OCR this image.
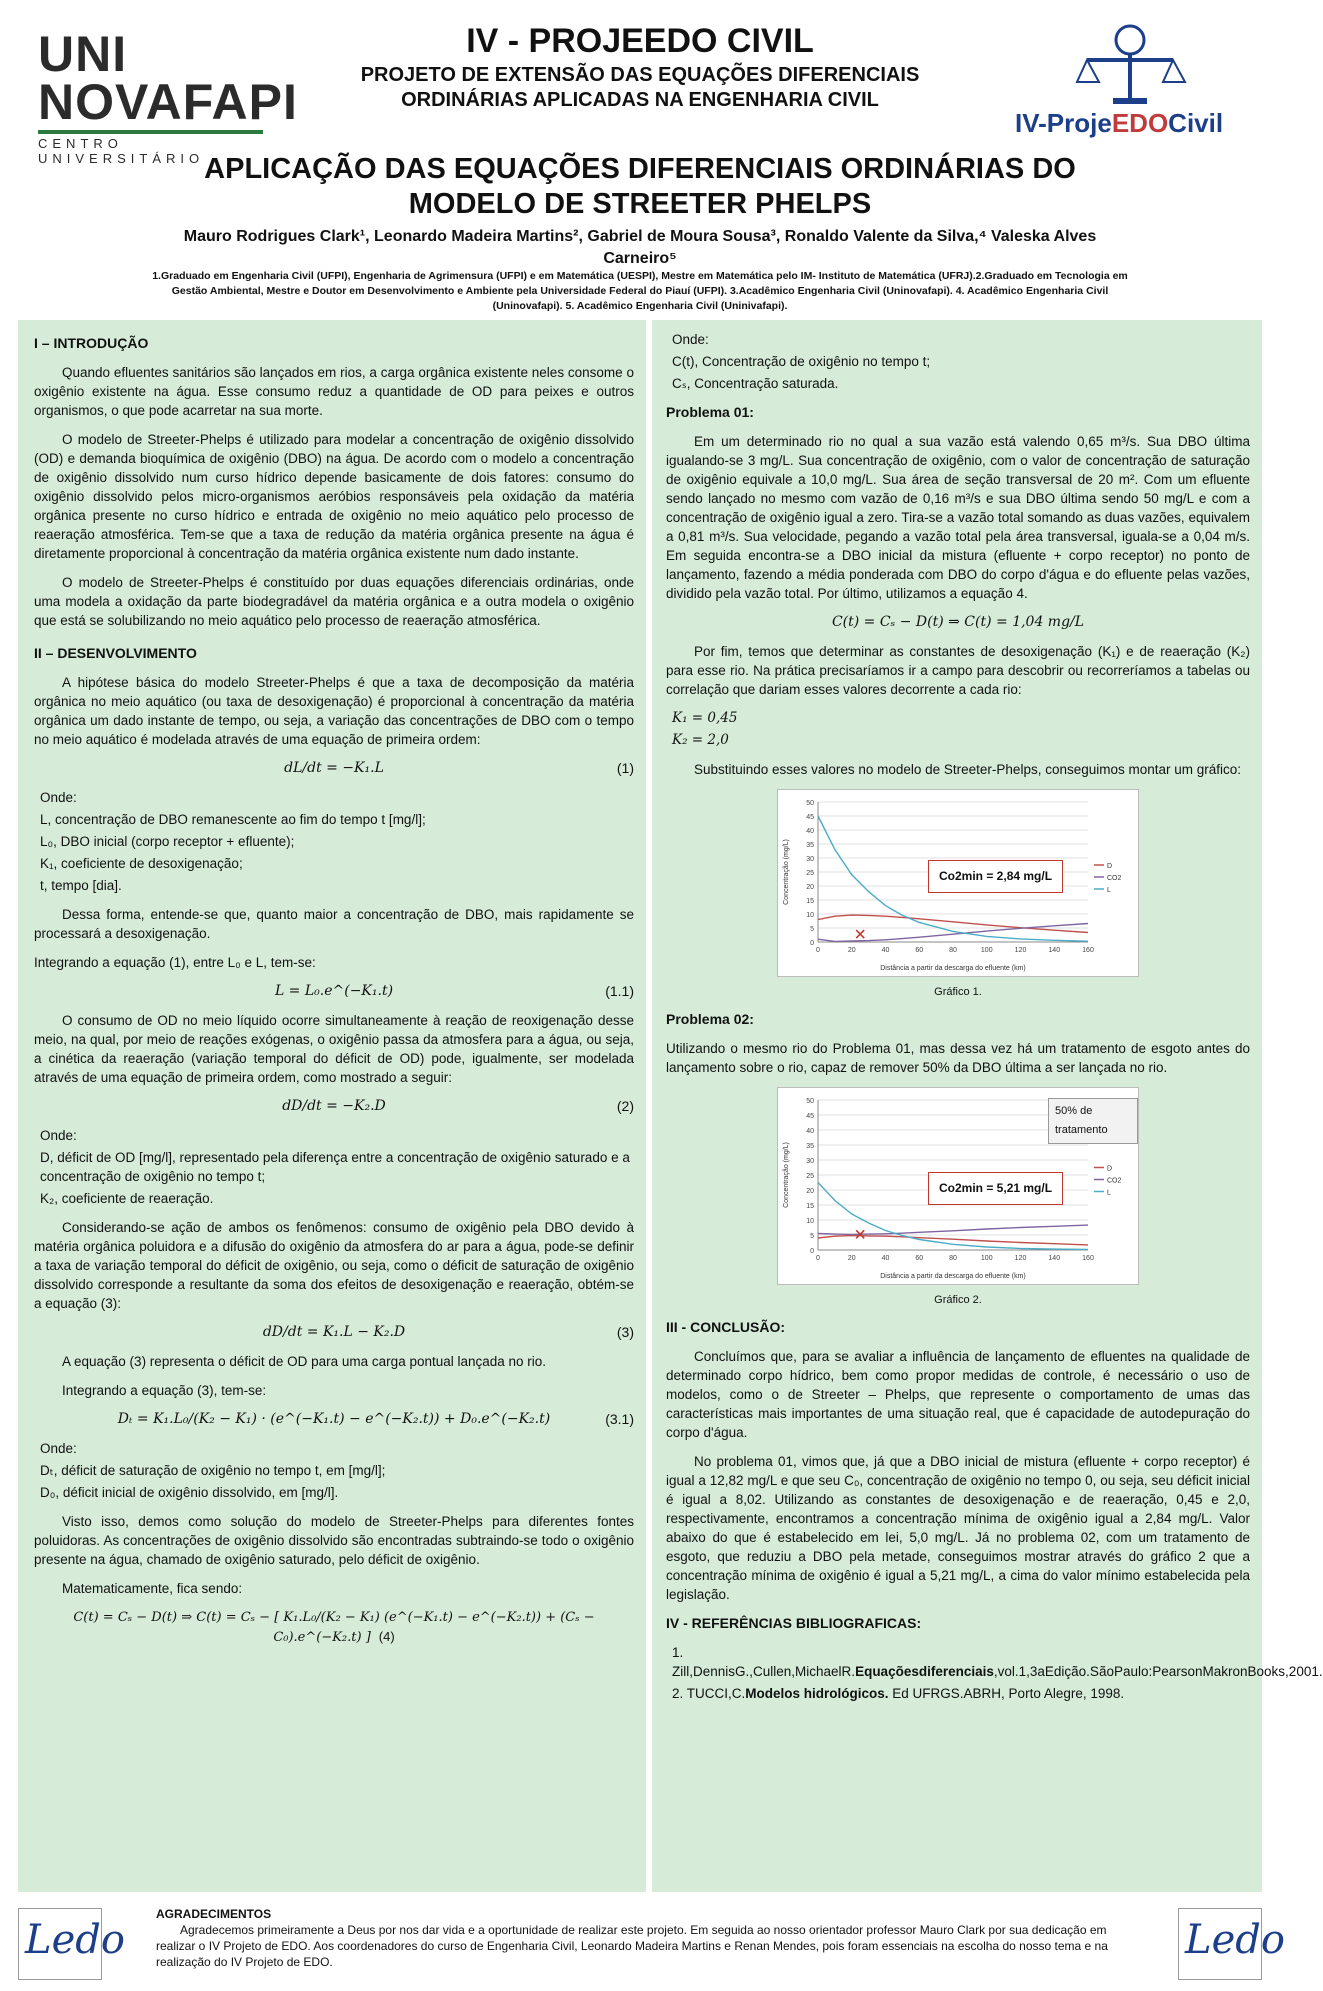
UNI
NOVAFAPI
CENTRO UNIVERSITÁRIO
IV - PROJEEDO CIVIL
PROJETO DE EXTENSÃO DAS EQUAÇÕES DIFERENCIAIS ORDINÁRIAS APLICADAS NA ENGENHARIA CIVIL
IV-ProjeEDOCivil
APLICAÇÃO DAS EQUAÇÕES DIFERENCIAIS ORDINÁRIAS DO MODELO DE STREETER PHELPS
Mauro Rodrigues Clark¹, Leonardo Madeira Martins², Gabriel de Moura Sousa³, Ronaldo Valente da Silva,⁴ Valeska Alves Carneiro⁵
1.Graduado em Engenharia Civil (UFPI), Engenharia de Agrimensura (UFPI) e em Matemática (UESPI), Mestre em Matemática pelo IM- Instituto de Matemática (UFRJ).2.Graduado em Tecnologia em Gestão Ambiental, Mestre e Doutor em Desenvolvimento e Ambiente pela Universidade Federal do Piauí (UFPI). 3.Acadêmico Engenharia Civil (Uninovafapi). 4. Acadêmico Engenharia Civil (Uninovafapi). 5. Acadêmico Engenharia Civil (Uninivafapi).
I – INTRODUÇÃO

Quando efluentes sanitários são lançados em rios, a carga orgânica existente neles consome o oxigênio existente na água. Esse consumo reduz a quantidade de OD para peixes e outros organismos, o que pode acarretar na sua morte.

O modelo de Streeter-Phelps é utilizado para modelar a concentração de oxigênio dissolvido (OD) e demanda bioquímica de oxigênio (DBO) na água. De acordo com o modelo a concentração de oxigênio dissolvido num curso hídrico depende basicamente de dois fatores: consumo do oxigênio dissolvido pelos micro-organismos aeróbios responsáveis pela oxidação da matéria orgânica presente no curso hídrico e entrada de oxigênio no meio aquático pelo processo de reaeração atmosférica. Tem-se que a taxa de redução da matéria orgânica presente na água é diretamente proporcional à concentração da matéria orgânica existente num dado instante.

O modelo de Streeter-Phelps é constituído por duas equações diferenciais ordinárias, onde uma modela a oxidação da parte biodegradável da matéria orgânica e a outra modela o oxigênio que está se solubilizando no meio aquático pelo processo de reaeração atmosférica.

II – DESENVOLVIMENTO

A hipótese básica do modelo Streeter-Phelps é que a taxa de decomposição da matéria orgânica no meio aquático (ou taxa de desoxigenação) é proporcional à concentração da matéria orgânica um dado instante de tempo, ou seja, a variação das concentrações de DBO com o tempo no meio aquático é modelada através de uma equação de primeira ordem:

dL/dt = −K₁.L	(1)
Onde:
L, concentração de DBO remanescente ao fim do tempo t [mg/l];
L₀, DBO inicial (corpo receptor + efluente);
K₁, coeficiente de desoxigenação;
t, tempo [dia].

Dessa forma, entende-se que, quanto maior a concentração de DBO, mais rapidamente se processará a desoxigenação.

Integrando a equação (1), entre L₀ e L, tem-se:

L = L₀.e^(−K₁.t)	(1.1)

O consumo de OD no meio líquido ocorre simultaneamente à reação de reoxigenação desse meio, na qual, por meio de reações exógenas, o oxigênio passa da atmosfera para a água, ou seja, a cinética da reaeração (variação temporal do déficit de OD) pode, igualmente, ser modelada através de uma equação de primeira ordem, como mostrado a seguir:

dD/dt = −K₂.D	(2)
Onde:
D, déficit de OD [mg/l], representado pela diferença entre a concentração de oxigênio saturado e a concentração de oxigênio no tempo t;
K₂, coeficiente de reaeração.

Considerando-se ação de ambos os fenômenos: consumo de oxigênio pela DBO devido à matéria orgânica poluidora e a difusão do oxigênio da atmosfera do ar para a água, pode-se definir a taxa de variação temporal do déficit de oxigênio, ou seja, como o déficit de saturação de oxigênio dissolvido corresponde a resultante da soma dos efeitos de desoxigenação e reaeração, obtém-se a equação (3):

dD/dt = K₁.L − K₂.D	(3)

A equação (3) representa o déficit de OD para uma carga pontual lançada no rio.

Integrando a equação (3), tem-se:

Dₜ = K₁.L₀/(K₂ − K₁) · (e^(−K₁.t) − e^(−K₂.t)) + D₀.e^(−K₂.t)	(3.1)
Onde:
Dₜ, déficit de saturação de oxigênio no tempo t, em [mg/l];
D₀, déficit inicial de oxigênio dissolvido, em [mg/l].

Visto isso, demos como solução do modelo de Streeter-Phelps para diferentes fontes poluidoras. As concentrações de oxigênio dissolvido são encontradas subtraindo-se todo o oxigênio presente na água, chamado de oxigênio saturado, pelo déficit de oxigênio.

Matematicamente, fica sendo:

C(t) = Cₛ − D(t) ⇒ C(t) = Cₛ − [ K₁.L₀/(K₂ − K₁) (e^(−K₁.t) − e^(−K₂.t)) + (Cₛ − C₀).e^(−K₂.t) ] (4)
Onde:
C(t), Concentração de oxigênio no tempo t;
Cₛ, Concentração saturada.
Problema 01:

Em um determinado rio no qual a sua vazão está valendo 0,65 m³/s. Sua DBO última igualando-se 3 mg/L. Sua concentração de oxigênio, com o valor de concentração de saturação de oxigênio equivale a 10,0 mg/L. Sua área de seção transversal de 20 m². Com um efluente sendo lançado no mesmo com vazão de 0,16 m³/s e sua DBO última sendo 50 mg/L e com a concentração de oxigênio igual a zero. Tira-se a vazão total somando as duas vazões, equivalem a 0,81 m³/s. Sua velocidade, pegando a vazão total pela área transversal, iguala-se a 0,04 m/s. Em seguida encontra-se a DBO inicial da mistura (efluente + corpo receptor) no ponto de lançamento, fazendo a média ponderada com DBO do corpo d'água e do efluente pelas vazões, dividido pela vazão total. Por último, utilizamos a equação 4.

C(t) = Cₛ − D(t) ⇒ C(t) = 1,04 mg/L

Por fim, temos que determinar as constantes de desoxigenação (K₁) e de reaeração (K₂) para esse rio. Na prática precisaríamos ir a campo para descobrir ou recorreríamos a tabelas ou correlação que dariam esses valores decorrente a cada rio:

K₁ = 0,45
K₂ = 2,0

Substituindo esses valores no modelo de Streeter-Phelps, conseguimos montar um gráfico:

0
5
10
15
20
25
30
35
40
45
50
0	20	40	60	80	100	120	140	160
Distância a partir da descarga do efluente (km)
Concentração (mg/L)	D
CO2
L
Co2min = 2,84 mg/L
Gráfico 1.
Problema 02:

Utilizando o mesmo rio do Problema 01, mas dessa vez há um tratamento de esgoto antes do lançamento sobre o rio, capaz de remover 50% da DBO última a ser lançada no rio.

0
5
10
15
20
25
30
35
40
45
50
0	20	40	60	80	100	120	140	160
Distância a partir da descarga do efluente (km)
Concentração (mg/L)	D
CO2
L
Co2min = 5,21 mg/L
50% de tratamento
Gráfico 2.
III - CONCLUSÃO:

Concluímos que, para se avaliar a influência de lançamento de efluentes na qualidade de determinado corpo hídrico, bem como propor medidas de controle, é necessário o uso de modelos, como o de Streeter – Phelps, que represente o comportamento de umas das características mais importantes de uma situação real, que é capacidade de autodepuração do corpo d'água.

No problema 01, vimos que, já que a DBO inicial de mistura (efluente + corpo receptor) é igual a 12,82 mg/L e que seu C₀, concentração de oxigênio no tempo 0, ou seja, seu déficit inicial é igual a 8,02. Utilizando as constantes de desoxigenação e de reaeração, 0,45 e 2,0, respectivamente, encontramos a concentração mínima de oxigênio igual a 2,84 mg/L. Valor abaixo do que é estabelecido em lei, 5,0 mg/L. Já no problema 02, com um tratamento de esgoto, que reduziu a DBO pela metade, conseguimos mostrar através do gráfico 2 que a concentração mínima de oxigênio é igual a 5,21 mg/L, a cima do valor mínimo estabelecida pela legislação.

IV - REFERÊNCIAS BIBLIOGRAFICAS:
1. Zill,DennisG.,Cullen,MichaelR.Equaçõesdiferenciais,vol.1,3aEdição.SãoPaulo:PearsonMakronBooks,2001.
2. TUCCI,C.Modelos hidrológicos. Ed UFRGS.ABRH, Porto Alegre, 1998.
Ledo
AGRADECIMENTOS
Agradecemos primeiramente a Deus por nos dar vida e a oportunidade de realizar este projeto. Em seguida ao nosso orientador professor Mauro Clark por sua dedicação em realizar o IV Projeto de EDO. Aos coordenadores do curso de Engenharia Civil, Leonardo Madeira Martins e Renan Mendes, pois foram essenciais na escolha do nosso tema e na realização do IV Projeto de EDO.	Ledo
